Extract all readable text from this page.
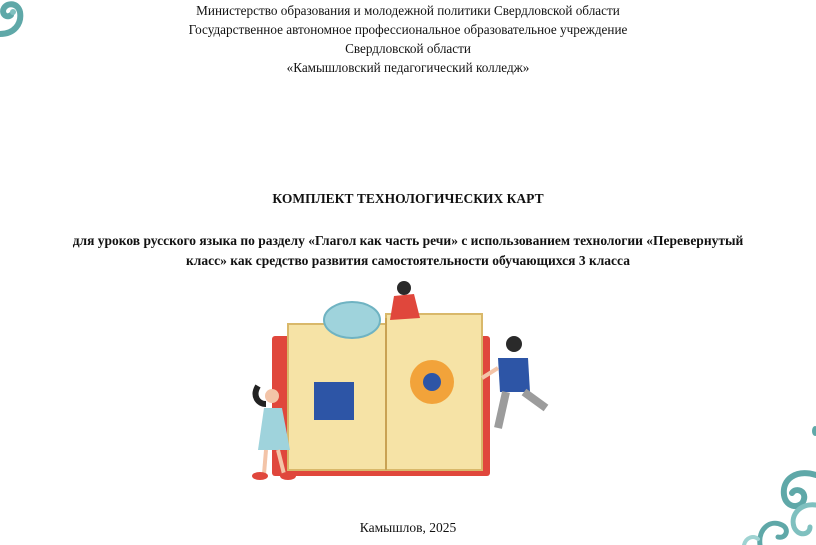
Министерство образования и молодежной политики Свердловской области
Государственное автономное профессиональное образовательное учреждение
Свердловской области
«Камышловский педагогический колледж»
КОМПЛЕКТ ТЕХНОЛОГИЧЕСКИХ КАРТ
для уроков русского языка по разделу «Глагол как часть речи» с использованием технологии «Перевернутый
класс» как средство развития самостоятельности обучающихся 3 класса
Камышлов, 2025
